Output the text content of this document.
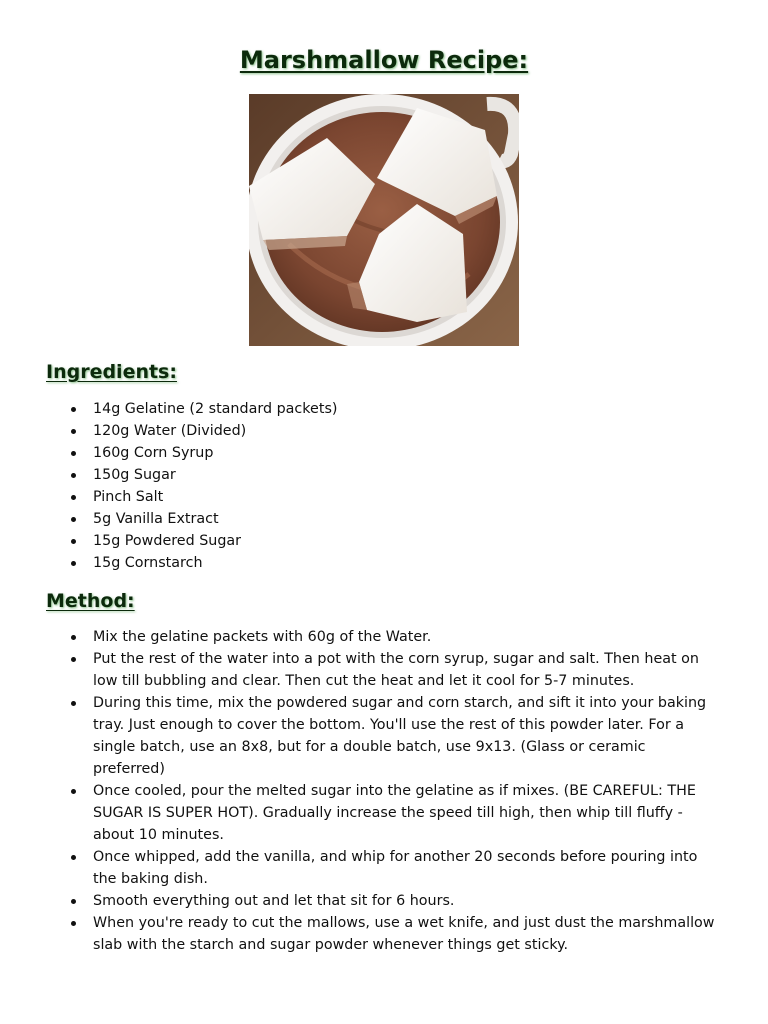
Marshmallow Recipe:
Ingredients:
14g Gelatine (2 standard packets)
120g Water (Divided)
160g Corn Syrup
150g Sugar
Pinch Salt
5g Vanilla Extract
15g Powdered Sugar
15g Cornstarch
Method:
Mix the gelatine packets with 60g of the Water.
Put the rest of the water into a pot with the corn syrup, sugar and salt. Then heat on low till bubbling and clear. Then cut the heat and let it cool for 5-7 minutes.
During this time, mix the powdered sugar and corn starch, and sift it into your baking tray. Just enough to cover the bottom. You'll use the rest of this powder later. For a single batch, use an 8x8, but for a double batch, use 9x13. (Glass or ceramic preferred)
Once cooled, pour the melted sugar into the gelatine as if mixes. (BE CAREFUL: THE SUGAR IS SUPER HOT). Gradually increase the speed till high, then whip till fluffy - about 10 minutes.
Once whipped, add the vanilla, and whip for another 20 seconds before pouring into the baking dish.
Smooth everything out and let that sit for 6 hours.
When you're ready to cut the mallows, use a wet knife, and just dust the marshmallow slab with the starch and sugar powder whenever things get sticky.
